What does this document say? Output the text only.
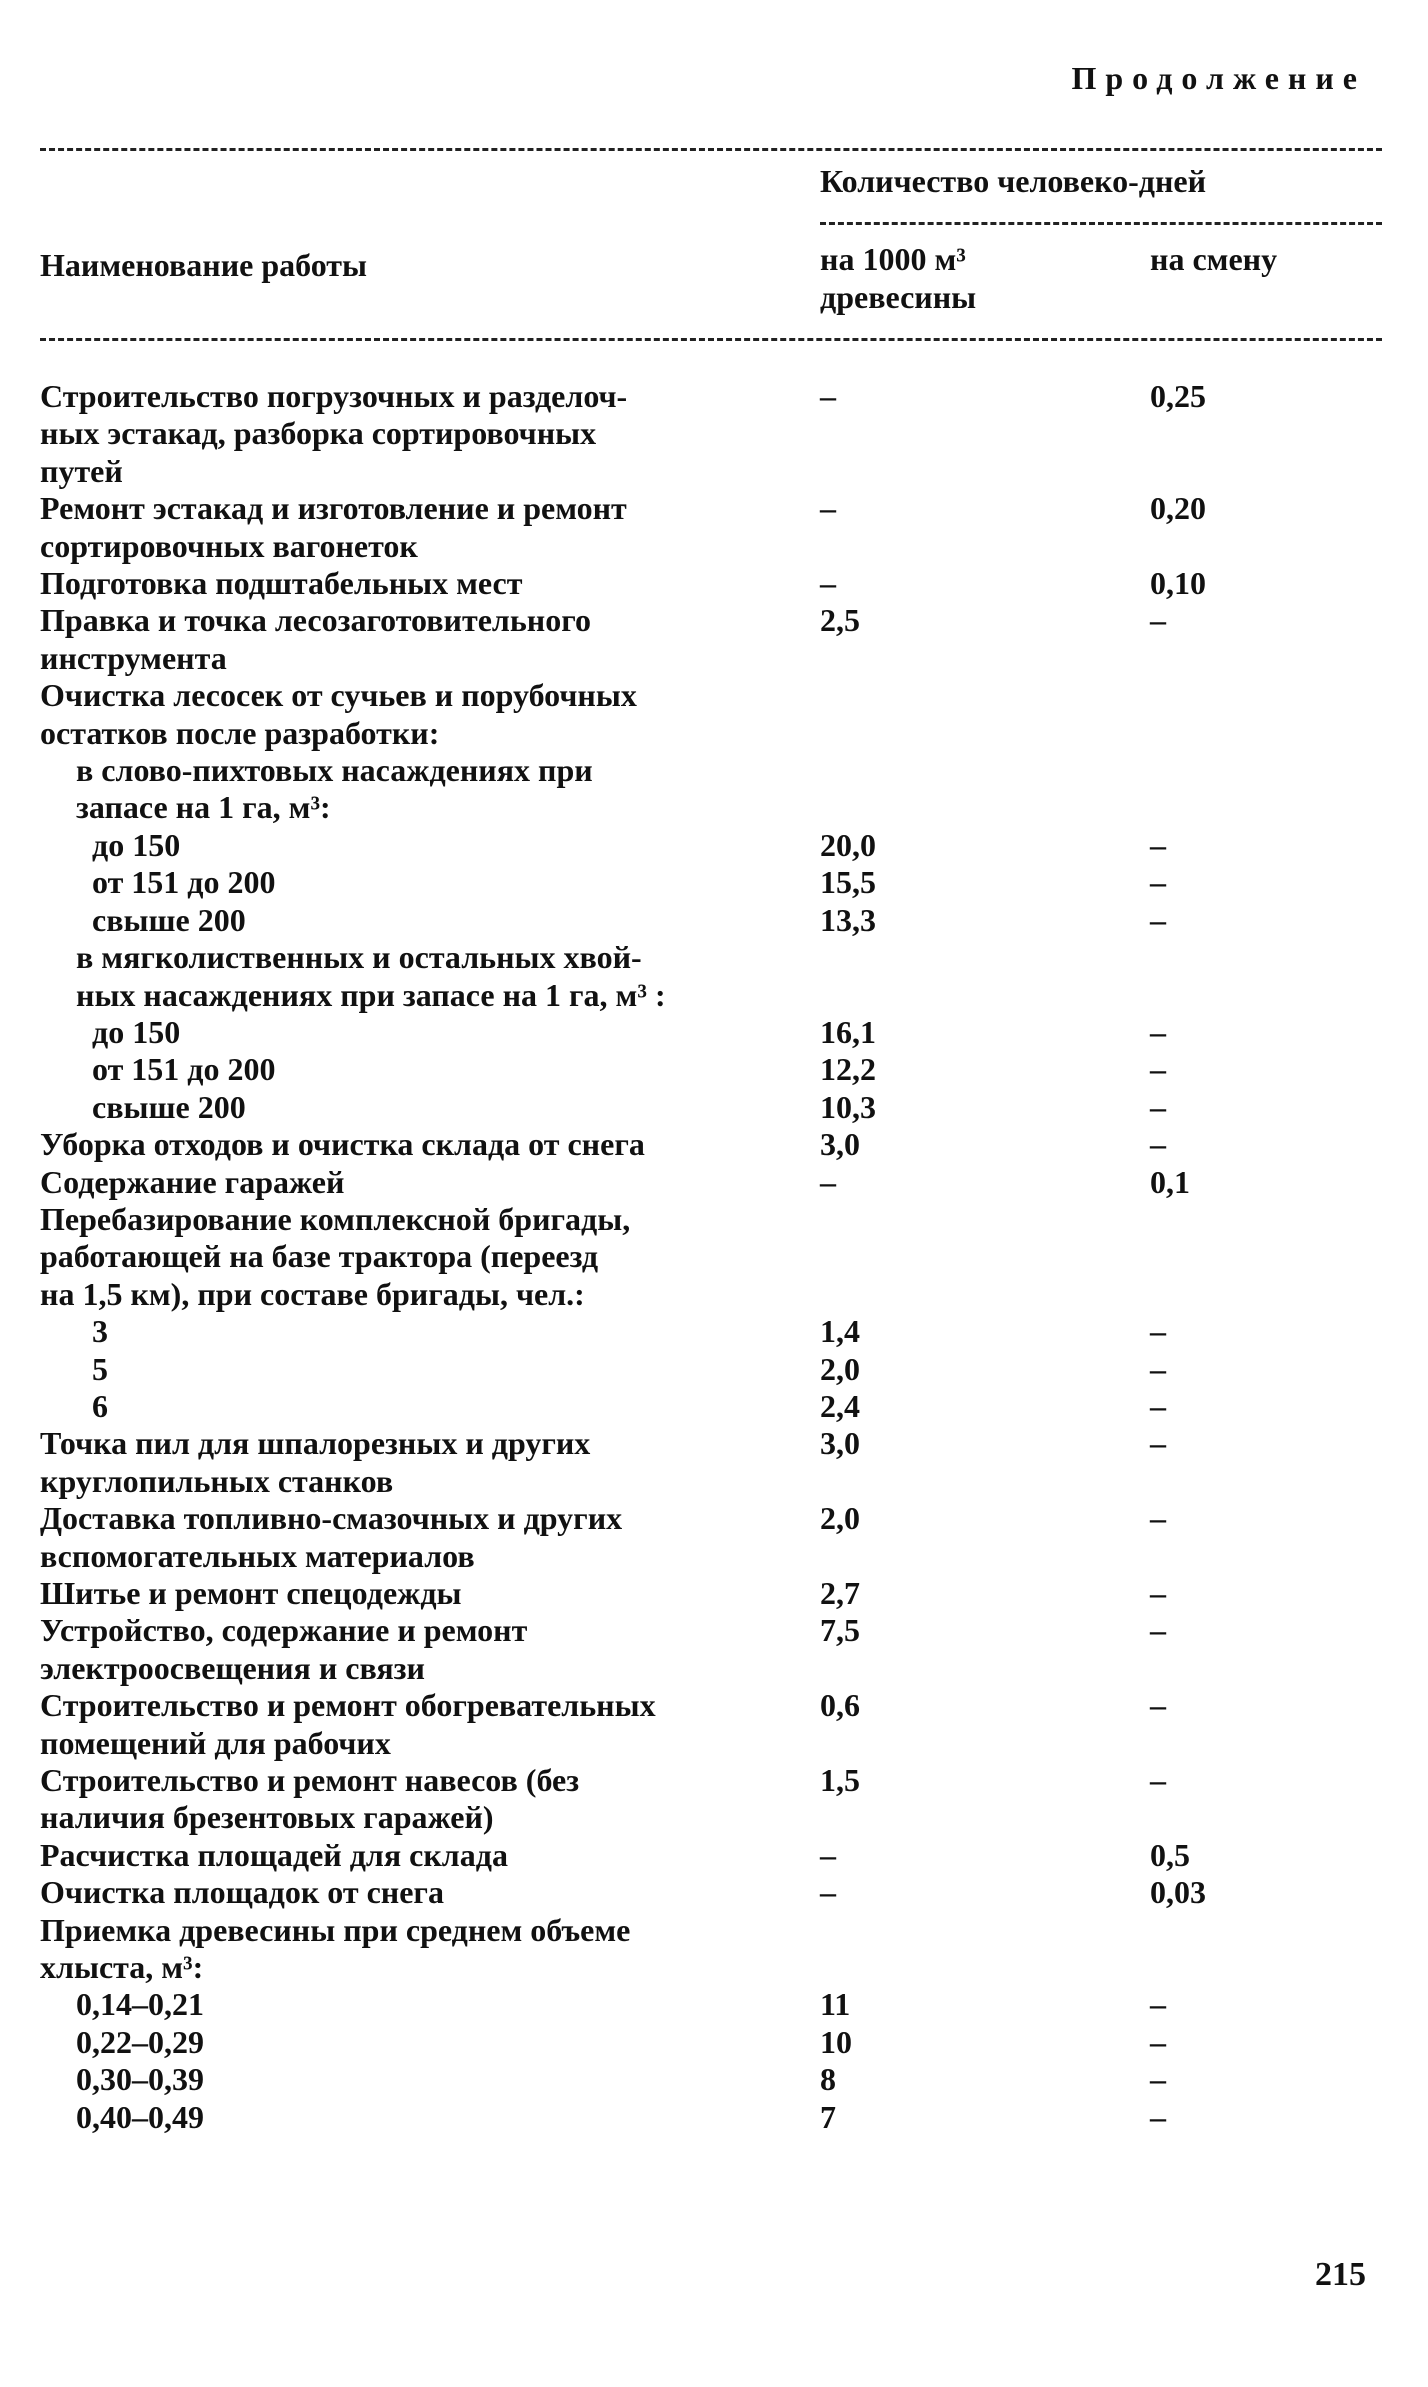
Продолжение
Количество человеко-дней
Наименование работы	на 1000 м³ древесины
на смену
Строительство погрузочных и разделоч-
ных эстакад, разборка сортировочных
путей
–	0,25
Ремонт эстакад и изготовление и ремонт
сортировочных вагонеток
–	0,20
Подготовка подштабельных мест	–	0,10
Правка и точка лесозаготовительного
инструмента
2,5	–
Очистка лесосек от сучьев и порубочных
остатков после разработки:
в слово-пихтовых насаждениях при
запасе на 1 га, м³:
до 150	20,0	–
от 151 до 200	15,5	–
свыше 200	13,3	–
в мягколиственных и остальных хвой-
ных насаждениях при запасе на 1 га, м³ :
до 150	16,1	–
от 151 до 200	12,2	–
свыше 200	10,3	–
Уборка отходов и очистка склада от снега	3,0	–
Содержание гаражей	–	0,1
Перебазирование комплексной бригады,
работающей на базе трактора (переезд
на 1,5 км), при составе бригады, чел.:
3	1,4	–
5	2,0	–
6	2,4	–
Точка пил для шпалорезных и других
круглопильных станков
3,0	–
Доставка топливно-смазочных и других
вспомогательных материалов
2,0	–
Шитье и ремонт спецодежды	2,7	–
Устройство, содержание и ремонт
электроосвещения и связи
7,5	–
Строительство и ремонт обогревательных
помещений для рабочих
0,6	–
Строительство и ремонт навесов (без
наличия брезентовых гаражей)
1,5	–
Расчистка площадей для склада	–	0,5
Очистка площадок от снега	–	0,03
Приемка древесины при среднем объеме
хлыста, м³:
0,14–0,21	11	–
0,22–0,29	10	–
0,30–0,39	8	–
0,40–0,49	7	–
215
